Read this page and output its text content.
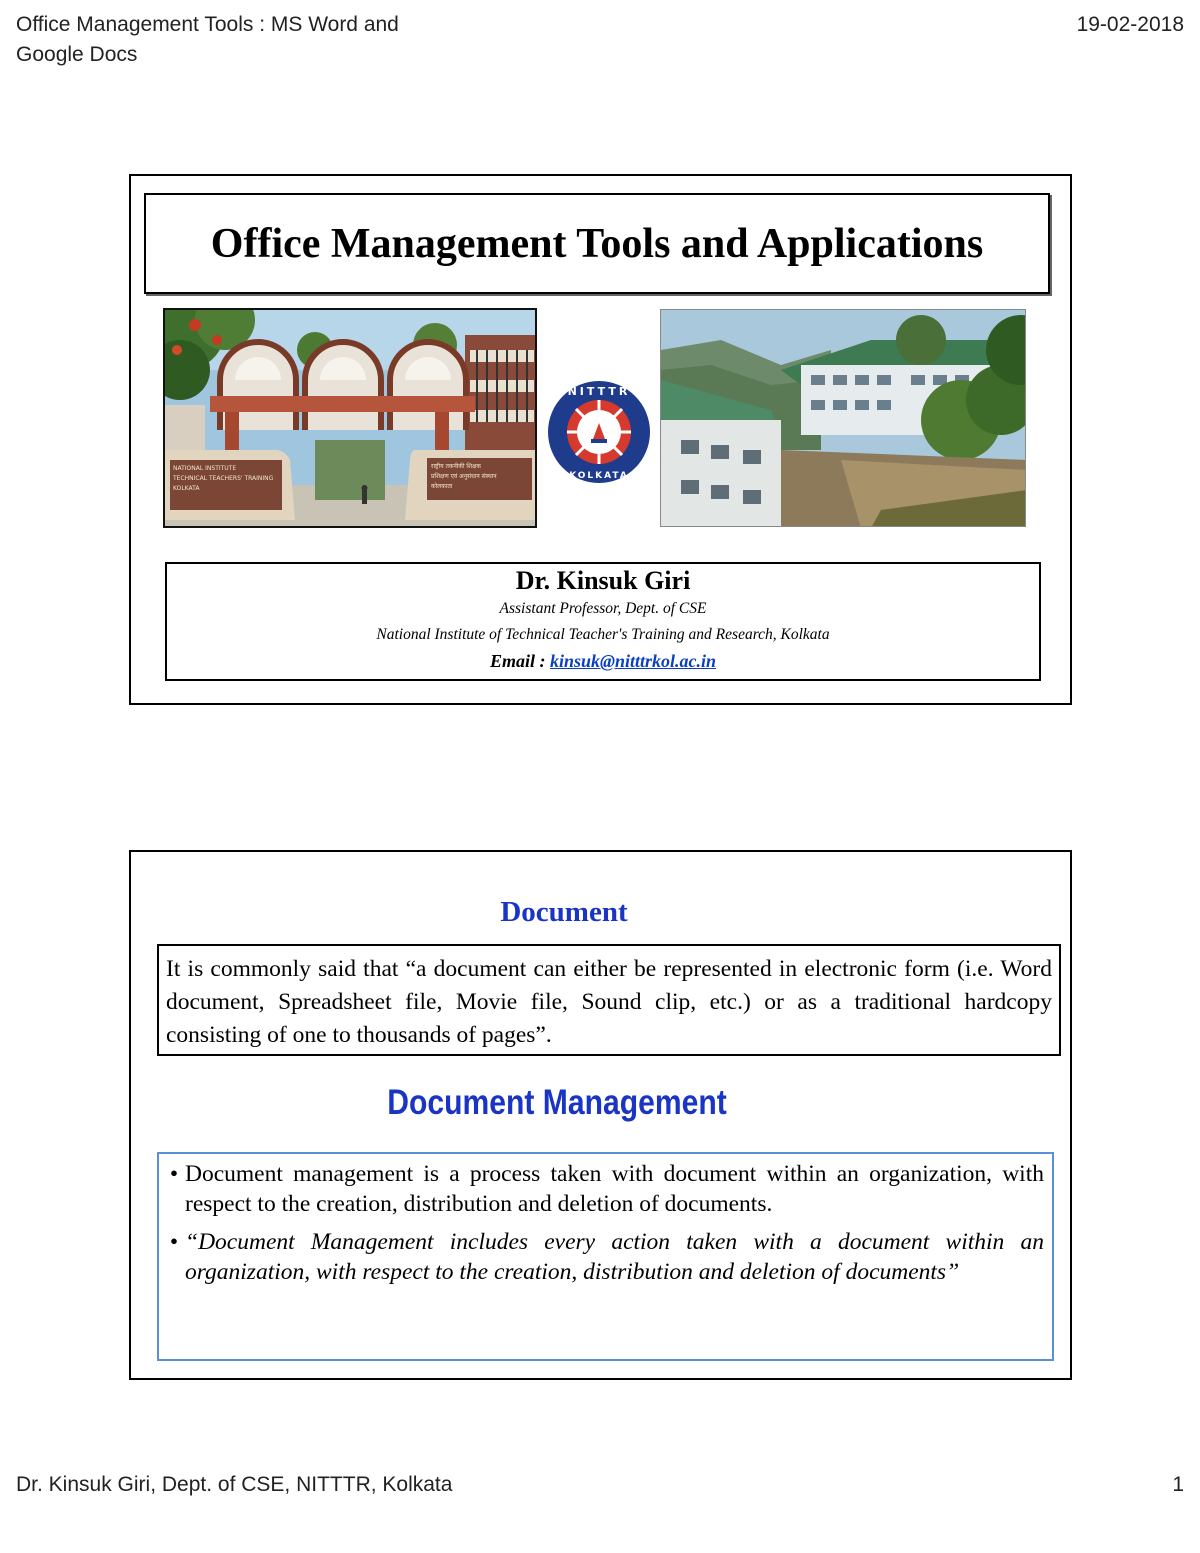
Office Management Tools : MS Word and
Google Docs
19-02-2018
Office Management Tools and Applications
NATIONAL INSTITUTE
TECHNICAL TEACHERS' TRAINING
KOLKATA
राष्ट्रीय तकनीकी शिक्षक
प्रशिक्षण एवं अनुसंधान संस्थान
कोलकाता
NITTTR
KOLKATA
Dr. Kinsuk Giri
Assistant Professor, Dept. of CSE
National Institute of Technical Teacher's Training and Research, Kolkata
Email : kinsuk@nitttrkol.ac.in
Document
It is commonly said that “a document can either be represented in electronic form (i.e. Word document, Spreadsheet file, Movie file, Sound clip, etc.) or as a traditional hardcopy consisting of one to thousands of pages”.
Document Management
• Document management is a process taken with document within an organization, with respect to the creation, distribution and deletion of documents.
• “Document Management includes every action taken with a document within an organization, with respect to the creation, distribution and deletion of documents”
Dr. Kinsuk Giri, Dept. of CSE, NITTTR, Kolkata	1
